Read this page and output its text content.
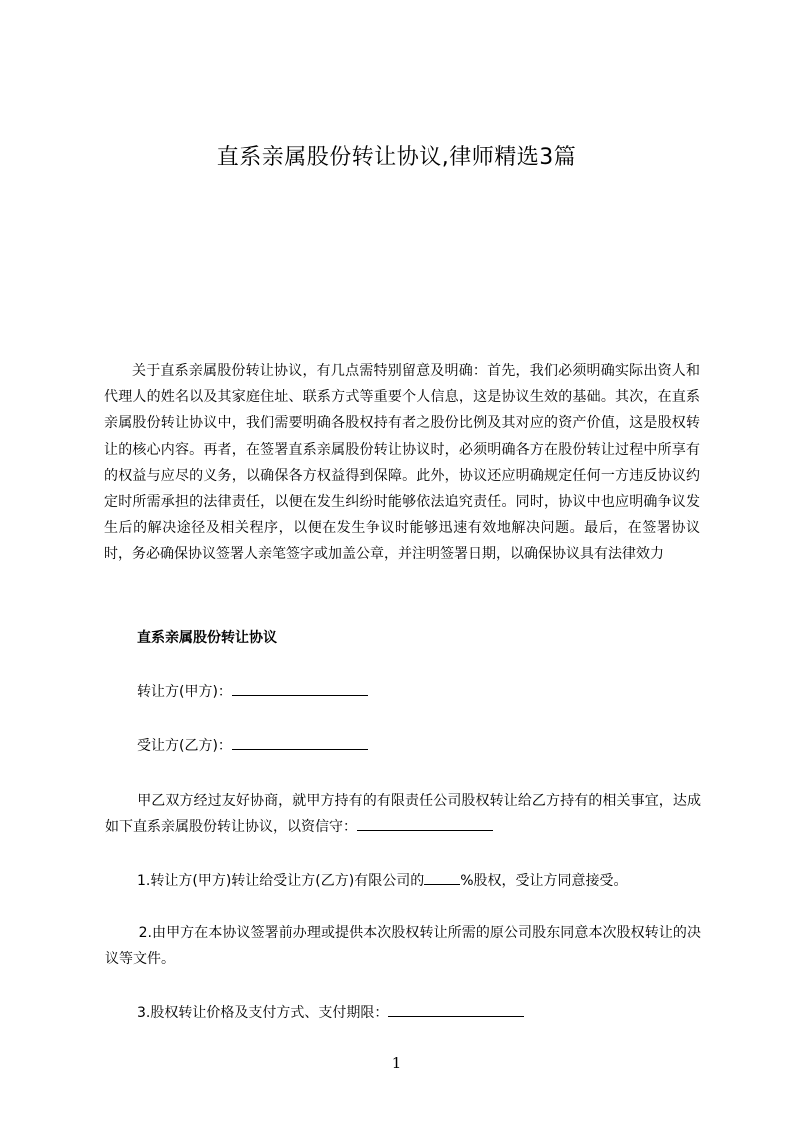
直系亲属股份转让协议,律师精选3篇

关于直系亲属股份转让协议，有几点需特别留意及明确：首先，我们必须明确实际出资人和代理人的姓名以及其家庭住址、联系方式等重要个人信息，这是协议生效的基础。其次，在直系亲属股份转让协议中，我们需要明确各股权持有者之股份比例及其对应的资产价值，这是股权转让的核心内容。再者，在签署直系亲属股份转让协议时，必须明确各方在股份转让过程中所享有的权益与应尽的义务，以确保各方权益得到保障。此外，协议还应明确规定任何一方违反协议约定时所需承担的法律责任，以便在发生纠纷时能够依法追究责任。同时，协议中也应明确争议发生后的解决途径及相关程序，以便在发生争议时能够迅速有效地解决问题。最后，在签署协议时，务必确保协议签署人亲笔签字或加盖公章，并注明签署日期，以确保协议具有法律效力

直系亲属股份转让协议
转让方(甲方)：
受让方(乙方)：
甲乙双方经过友好协商，就甲方持有的有限责任公司股权转让给乙方持有的相关事宜，达成如下直系亲属股份转让协议，以资信守：
1.转让方(甲方)转让给受让方(乙方)有限公司的	%股权，受让方同意接受。
2.由甲方在本协议签署前办理或提供本次股权转让所需的原公司股东同意本次股权转让的决议等文件。
3.股权转让价格及支付方式、支付期限：
1
